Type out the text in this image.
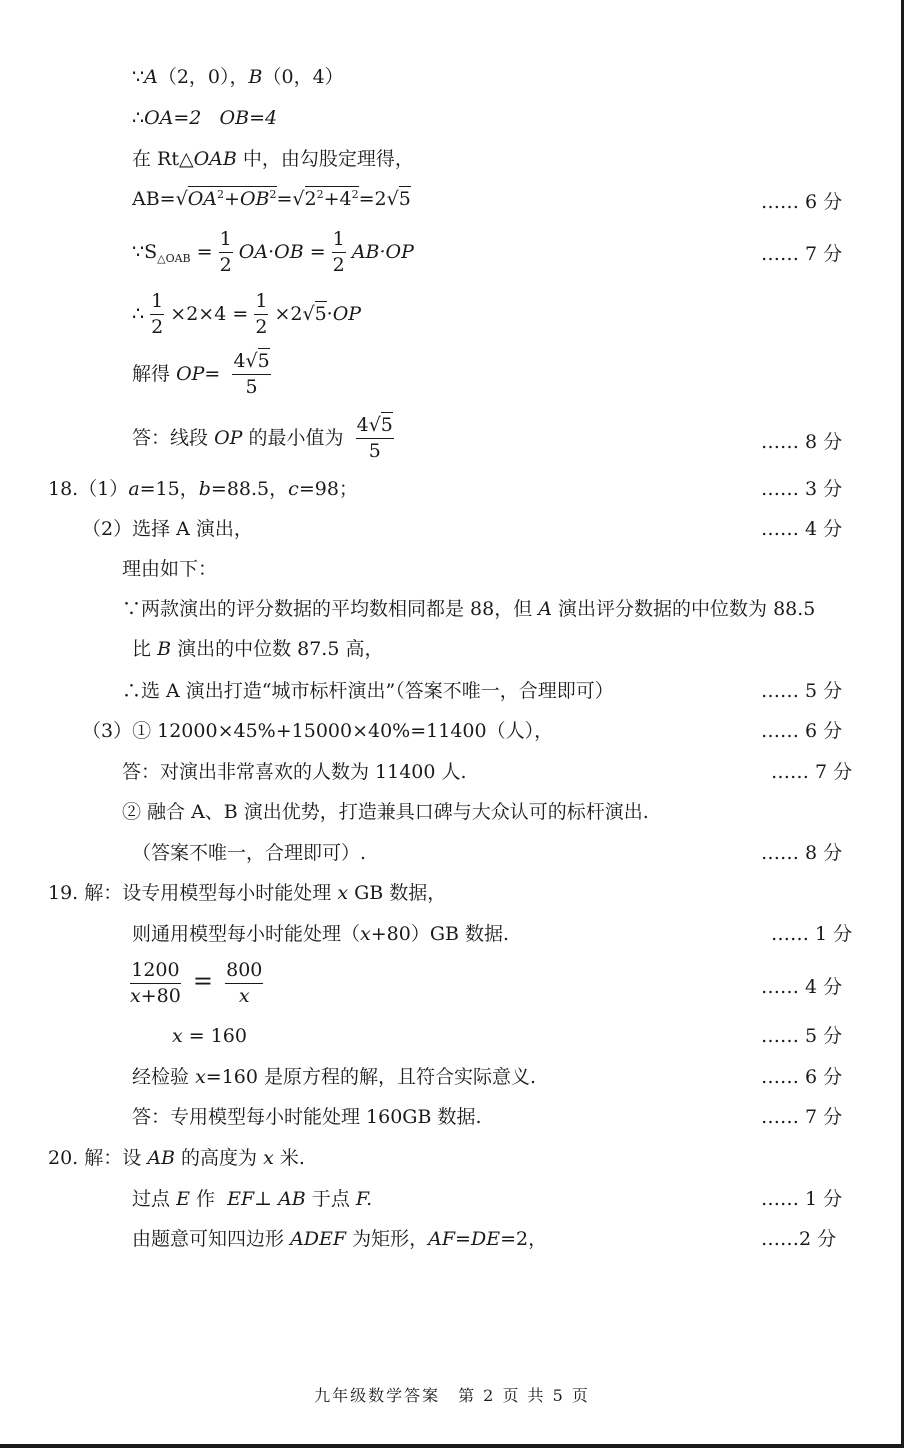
∵A（2，0），B（0，4）
∴OA=2 OB=4
在 Rt△OAB 中，由勾股定理得，
$AB=√OA^2+OB^2=√2^2+4^2=2√5$	…… 6 分
$\because S_{\triangle OAB} = \frac{1}{2} OA\cdot OB = \frac{1}{2} AB\cdot OP$	…… 7 分
∴ $\frac{1}{2} \times 2\times 4 = \frac{1}{2} \times 2√5\cdot OP$
解得 $OP= \frac{4√5}{5}$
答：线段 OP 的最小值为 $\frac{4√5}{5}$	…… 8 分
18.（1）a=15，b=88.5，c=98；	…… 3 分
（2）选择 A 演出，	…… 4 分
理由如下：
∵两款演出的评分数据的平均数相同都是 88，但 A 演出评分数据的中位数为 88.5
比 B 演出的中位数 87.5 高，
∴选 A 演出打造“城市标杆演出”（答案不唯一，合理即可）	…… 5 分
（3）① 12000×45%+15000×40%=11400（人），	…… 6 分
答：对演出非常喜欢的人数为 11400 人.	…… 7 分
② 融合 A、B 演出优势，打造兼具口碑与大众认可的标杆演出.
（答案不唯一，合理即可）.	…… 8 分
19. 解：设专用模型每小时能处理 x GB 数据，
则通用模型每小时能处理（x+80）GB 数据.	…… 1 分
$\frac{1200}{x+80} = \frac{800}{x}$	…… 4 分
x = 160	…… 5 分
经检验 x=160 是原方程的解，且符合实际意义.	…… 6 分
答：专用模型每小时能处理 160GB 数据.	…… 7 分
20. 解：设 AB 的高度为 x 米.
过点 E 作 EF⊥ AB 于点 F.	…… 1 分
由题意可知四边形 ADEF 为矩形，AF=DE=2，	……2 分
九年级数学答案　第 2 页 共 5 页
